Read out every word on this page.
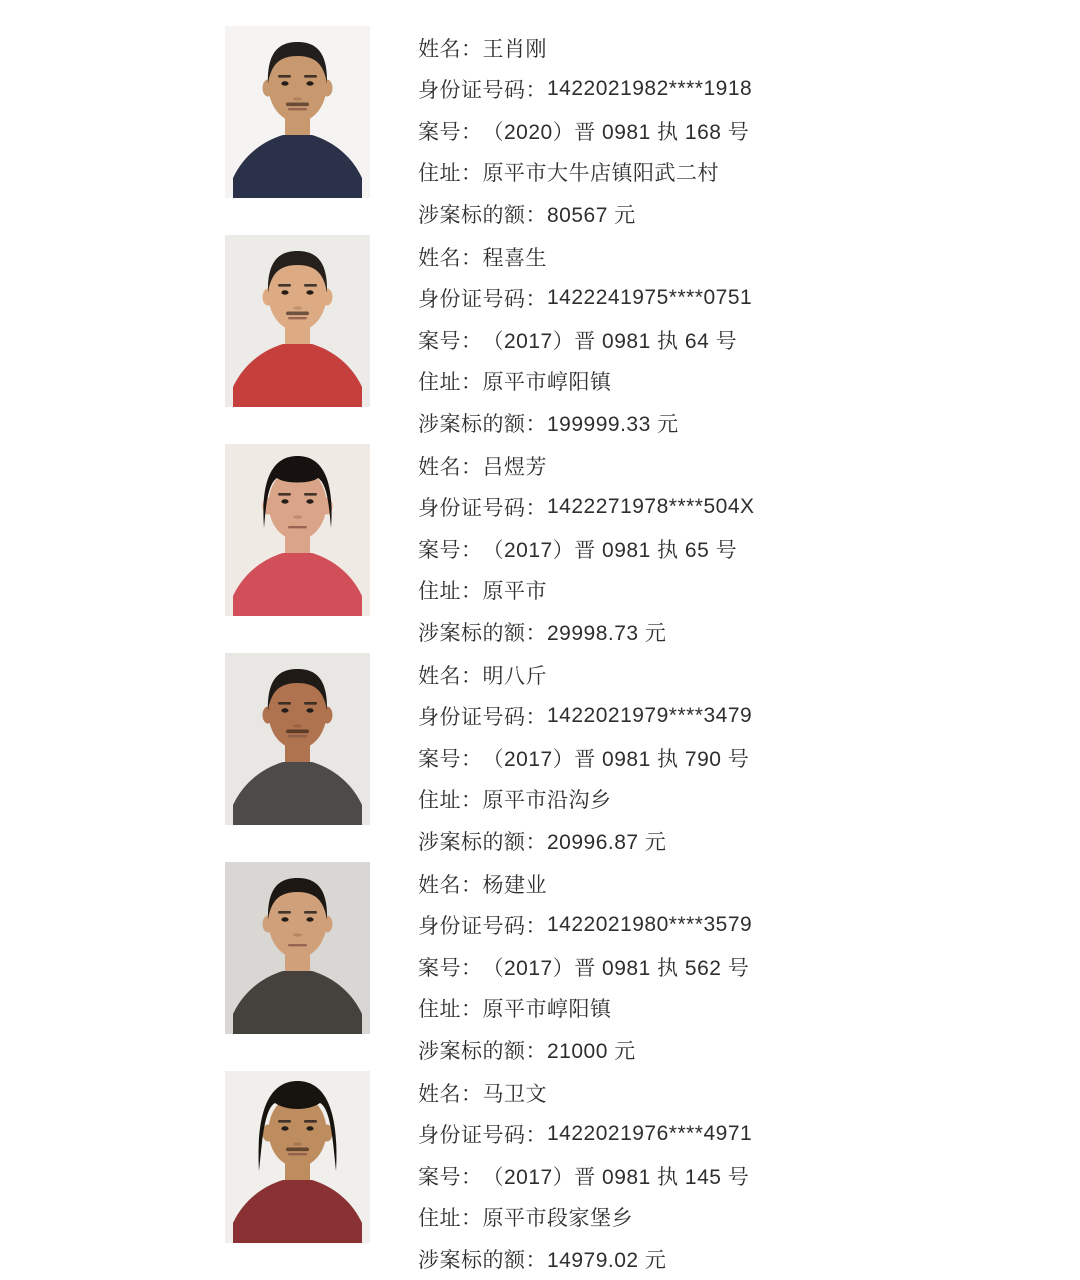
姓名： 王肖刚
身份证号码： 1422021982****1918
案号： （2020）晋 0981 执 168 号
住址： 原平市大牛店镇阳武二村
涉案标的额： 80567 元
姓名： 程喜生
身份证号码： 1422241975****0751
案号： （2017）晋 0981 执 64 号
住址： 原平市崞阳镇
涉案标的额： 199999.33 元
姓名： 吕煜芳
身份证号码： 1422271978****504X
案号： （2017）晋 0981 执 65 号
住址： 原平市
涉案标的额： 29998.73 元
姓名： 明八斤
身份证号码： 1422021979****3479
案号： （2017）晋 0981 执 790 号
住址： 原平市沿沟乡
涉案标的额： 20996.87 元
姓名： 杨建业
身份证号码： 1422021980****3579
案号： （2017）晋 0981 执 562 号
住址： 原平市崞阳镇
涉案标的额： 21000 元
姓名： 马卫文
身份证号码： 1422021976****4971
案号： （2017）晋 0981 执 145 号
住址： 原平市段家堡乡
涉案标的额： 14979.02 元
